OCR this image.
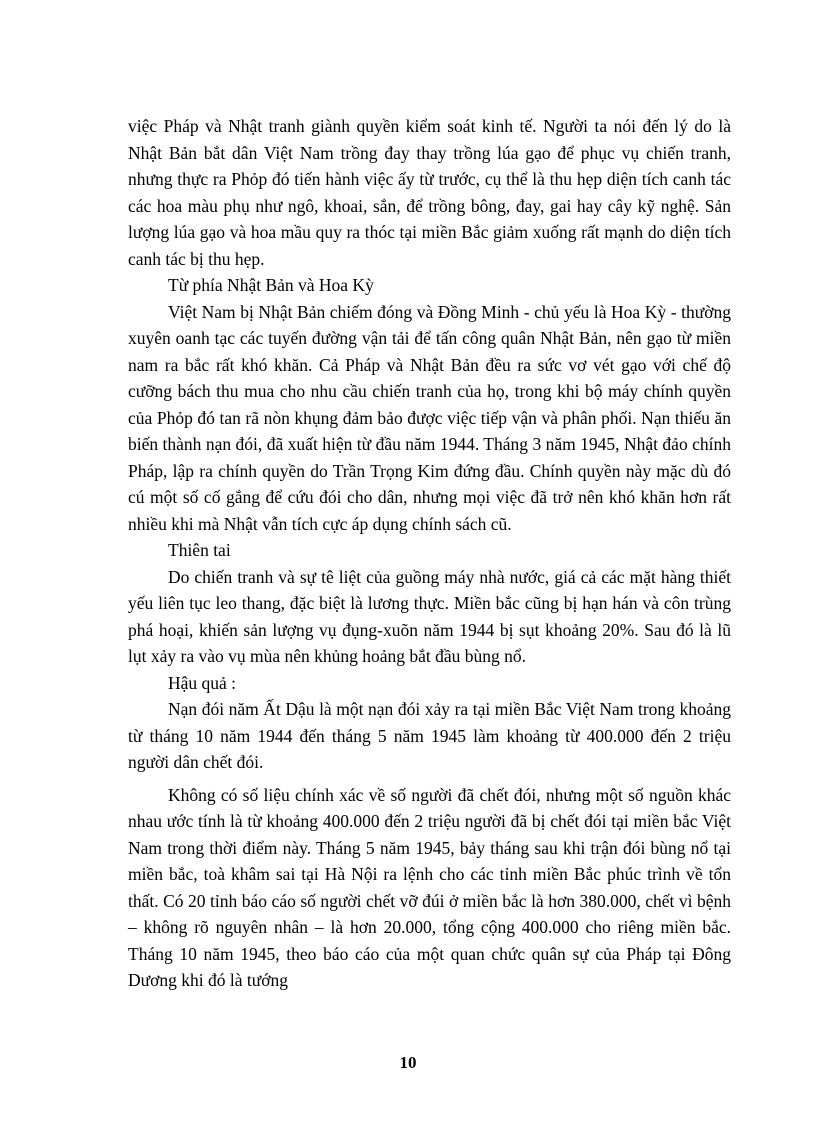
việc Pháp và Nhật tranh giành quyền kiểm soát kinh tế. Người ta nói đến lý do là Nhật Bản bắt dân Việt Nam trồng đay thay trồng lúa gạo để phục vụ chiến tranh, nhưng thực ra Phỏp đó tiến hành việc ấy từ trước, cụ thể là thu hẹp diện tích canh tác các hoa màu phụ như ngô, khoai, sắn, để trồng bông, đay, gai hay cây kỹ nghệ. Sản lượng lúa gạo và hoa mầu quy ra thóc tại miền Bắc giảm xuống rất mạnh do diện tích canh tác bị thu hẹp.

Từ phía Nhật Bản và Hoa Kỳ

Việt Nam bị Nhật Bản chiếm đóng và Đồng Minh - chủ yếu là Hoa Kỳ - thường xuyên oanh tạc các tuyến đường vận tải để tấn công quân Nhật Bản, nên gạo từ miền nam ra bắc rất khó khăn. Cả Pháp và Nhật Bản đều ra sức vơ vét gạo với chế độ cưỡng bách thu mua cho nhu cầu chiến tranh của họ, trong khi bộ máy chính quyền của Phỏp đó tan rã nòn khụng đảm bảo được việc tiếp vận và phân phối. Nạn thiếu ăn biến thành nạn đói, đã xuất hiện từ đầu năm 1944. Tháng 3 năm 1945, Nhật đảo chính Pháp, lập ra chính quyền do Trần Trọng Kim đứng đầu. Chính quyền này mặc dù đó cú một số cố gắng để cứu đói cho dân, nhưng mọi việc đã trở nên khó khăn hơn rất nhiều khi mà Nhật vẫn tích cực áp dụng chính sách cũ.

Thiên tai

Do chiến tranh và sự tê liệt của guồng máy nhà nước, giá cả các mặt hàng thiết yếu liên tục leo thang, đặc biệt là lương thực. Miền bắc cũng bị hạn hán và côn trùng phá hoại, khiến sản lượng vụ đụng-xuõn năm 1944 bị sụt khoảng 20%. Sau đó là lũ lụt xảy ra vào vụ mùa nên khủng hoảng bắt đầu bùng nổ.

Hậu quả :

Nạn đói năm Ất Dậu là một nạn đói xảy ra tại miền Bắc Việt Nam trong khoảng từ tháng 10 năm 1944 đến tháng 5 năm 1945 làm khoảng từ 400.000 đến 2 triệu người dân chết đói.

Không có số liệu chính xác về số người đã chết đói, nhưng một số nguồn khác nhau ước tính là từ khoảng 400.000 đến 2 triệu người đã bị chết đói tại miền bắc Việt Nam trong thời điểm này. Tháng 5 năm 1945, bảy tháng sau khi trận đói bùng nổ tại miền bắc, toà khâm sai tại Hà Nội ra lệnh cho các tỉnh miền Bắc phúc trình về tổn thất. Có 20 tỉnh báo cáo số người chết vỡ đúi ở miền bắc là hơn 380.000, chết vì bệnh – không rõ nguyên nhân – là hơn 20.000, tổng cộng 400.000 cho riêng miền bắc. Tháng 10 năm 1945, theo báo cáo của một quan chức quân sự của Pháp tại Đông Dương khi đó là tướng

10
